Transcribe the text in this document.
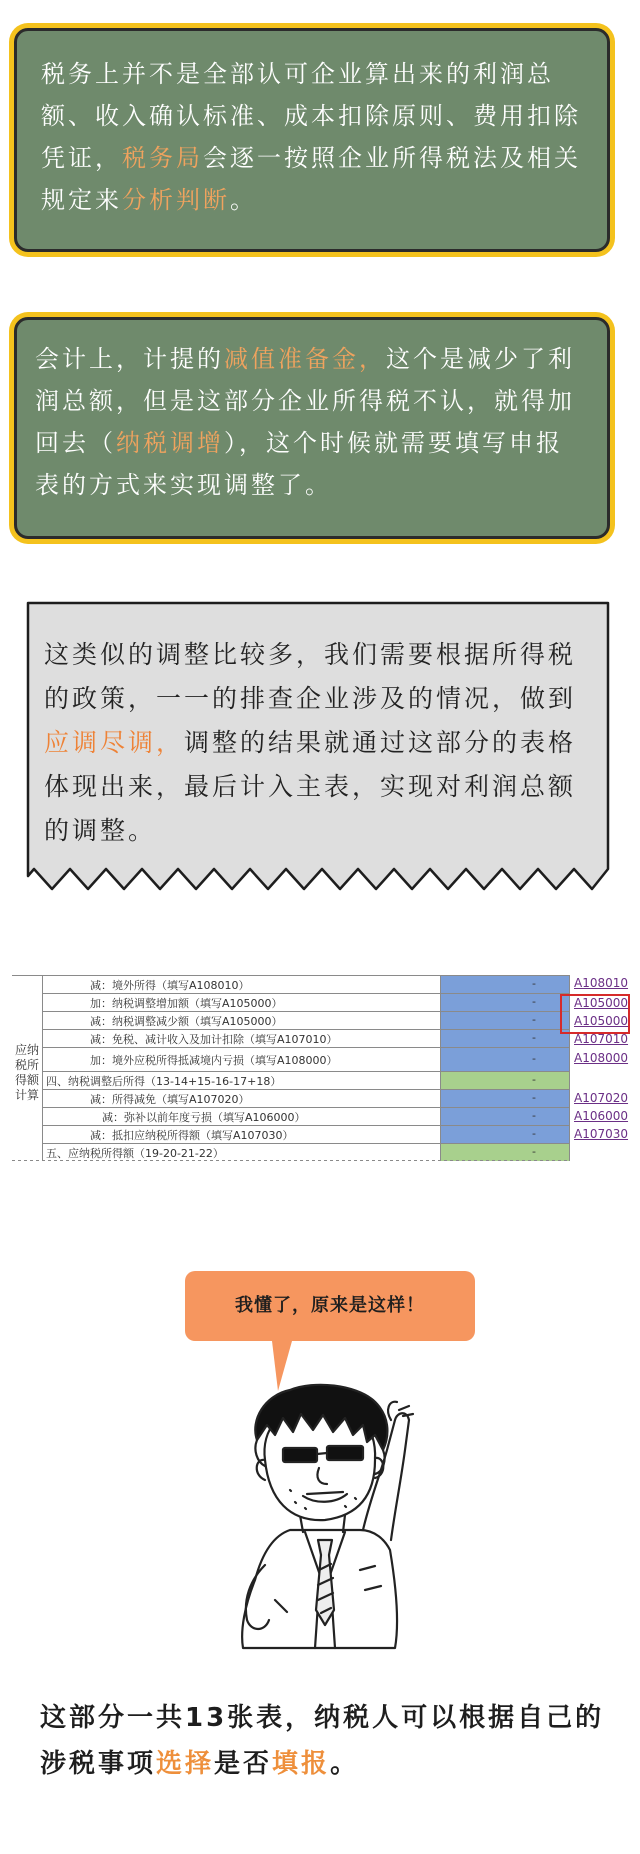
税务上并不是全部认可企业算出来的利润总额、收入确认标准、成本扣除原则、费用扣除凭证，税务局会逐一按照企业所得税法及相关规定来分析判断。

会计上，计提的减值准备金，这个是减少了利润总额，但是这部分企业所得税不认，就得加回去（纳税调增），这个时候就需要填写申报表的方式来实现调整了。

这类似的调整比较多，我们需要根据所得税的政策，一一的排查企业涉及的情况，做到应调尽调，调整的结果就通过这部分的表格体现出来，最后计入主表，实现对利润总额的调整。
应纳
税所
得额
计算
减：境外所得（填写A108010）
加：纳税调整增加额（填写A105000）
减：纳税调整减少额（填写A105000）
减：免税、减计收入及加计扣除（填写A107010）
加：境外应税所得抵减境内亏损（填写A108000）
四、纳税调整后所得（13-14+15-16-17+18）
减：所得减免（填写A107020）
减：弥补以前年度亏损（填写A106000）
减：抵扣应纳税所得额（填写A107030）
五、应纳税所得额（19-20-21-22）
-
-
-
-
-
-
-
-
-
-
A108010
A105000
A105000
A107010
A108000
A107020
A106000
A107030
我懂了，原来是这样！
这部分一共13张表，纳税人可以根据自己的涉税事项选择是否填报。
